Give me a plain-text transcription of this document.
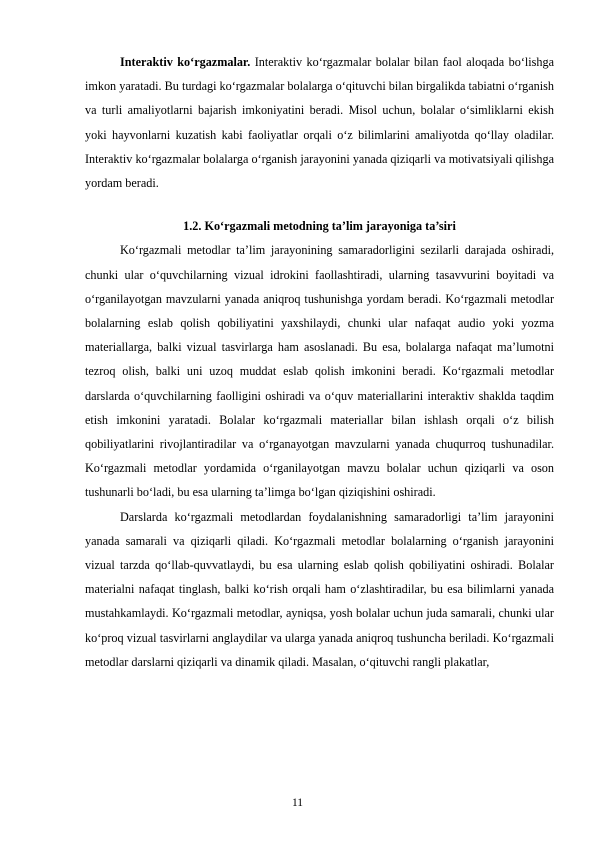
Interaktiv ko‘rgazmalar. Interaktiv ko‘rgazmalar bolalar bilan faol aloqada bo‘lishga imkon yaratadi. Bu turdagi ko‘rgazmalar bolalarga o‘qituvchi bilan birgalikda tabiatni o‘rganish va turli amaliyotlarni bajarish imkoniyatini beradi. Misol uchun, bolalar o‘simliklarni ekish yoki hayvonlarni kuzatish kabi faoliyatlar orqali o‘z bilimlarini amaliyotda qo‘llay oladilar. Interaktiv ko‘rgazmalar bolalarga o‘rganish jarayonini yanada qiziqarli va motivatsiyali qilishga yordam beradi.

1.2. Ko‘rgazmali metodning ta’lim jarayoniga ta’siri

Ko‘rgazmali metodlar ta’lim jarayonining samaradorligini sezilarli darajada oshiradi, chunki ular o‘quvchilarning vizual idrokini faollashtiradi, ularning tasavvurini boyitadi va o‘rganilayotgan mavzularni yanada aniqroq tushunishga yordam beradi. Ko‘rgazmali metodlar bolalarning eslab qolish qobiliyatini yaxshilaydi, chunki ular nafaqat audio yoki yozma materiallarga, balki vizual tasvirlarga ham asoslanadi. Bu esa, bolalarga nafaqat ma’lumotni tezroq olish, balki uni uzoq muddat eslab qolish imkonini beradi. Ko‘rgazmali metodlar darslarda o‘quvchilarning faolligini oshiradi va o‘quv materiallarini interaktiv shaklda taqdim etish imkonini yaratadi. Bolalar ko‘rgazmali materiallar bilan ishlash orqali o‘z bilish qobiliyatlarini rivojlantiradilar va o‘rganayotgan mavzularni yanada chuqurroq tushunadilar. Ko‘rgazmali metodlar yordamida o‘rganilayotgan mavzu bolalar uchun qiziqarli va oson tushunarli bo‘ladi, bu esa ularning ta’limga bo‘lgan qiziqishini oshiradi.

Darslarda ko‘rgazmali metodlardan foydalanishning samaradorligi ta’lim jarayonini yanada samarali va qiziqarli qiladi. Ko‘rgazmali metodlar bolalarning o‘rganish jarayonini vizual tarzda qo‘llab-quvvatlaydi, bu esa ularning eslab qolish qobiliyatini oshiradi. Bolalar materialni nafaqat tinglash, balki ko‘rish orqali ham o‘zlashtiradilar, bu esa bilimlarni yanada mustahkamlaydi. Ko‘rgazmali metodlar, ayniqsa, yosh bolalar uchun juda samarali, chunki ular ko‘proq vizual tasvirlarni anglaydilar va ularga yanada aniqroq tushuncha beriladi. Ko‘rgazmali metodlar darslarni qiziqarli va dinamik qiladi. Masalan, o‘qituvchi rangli plakatlar,

11
